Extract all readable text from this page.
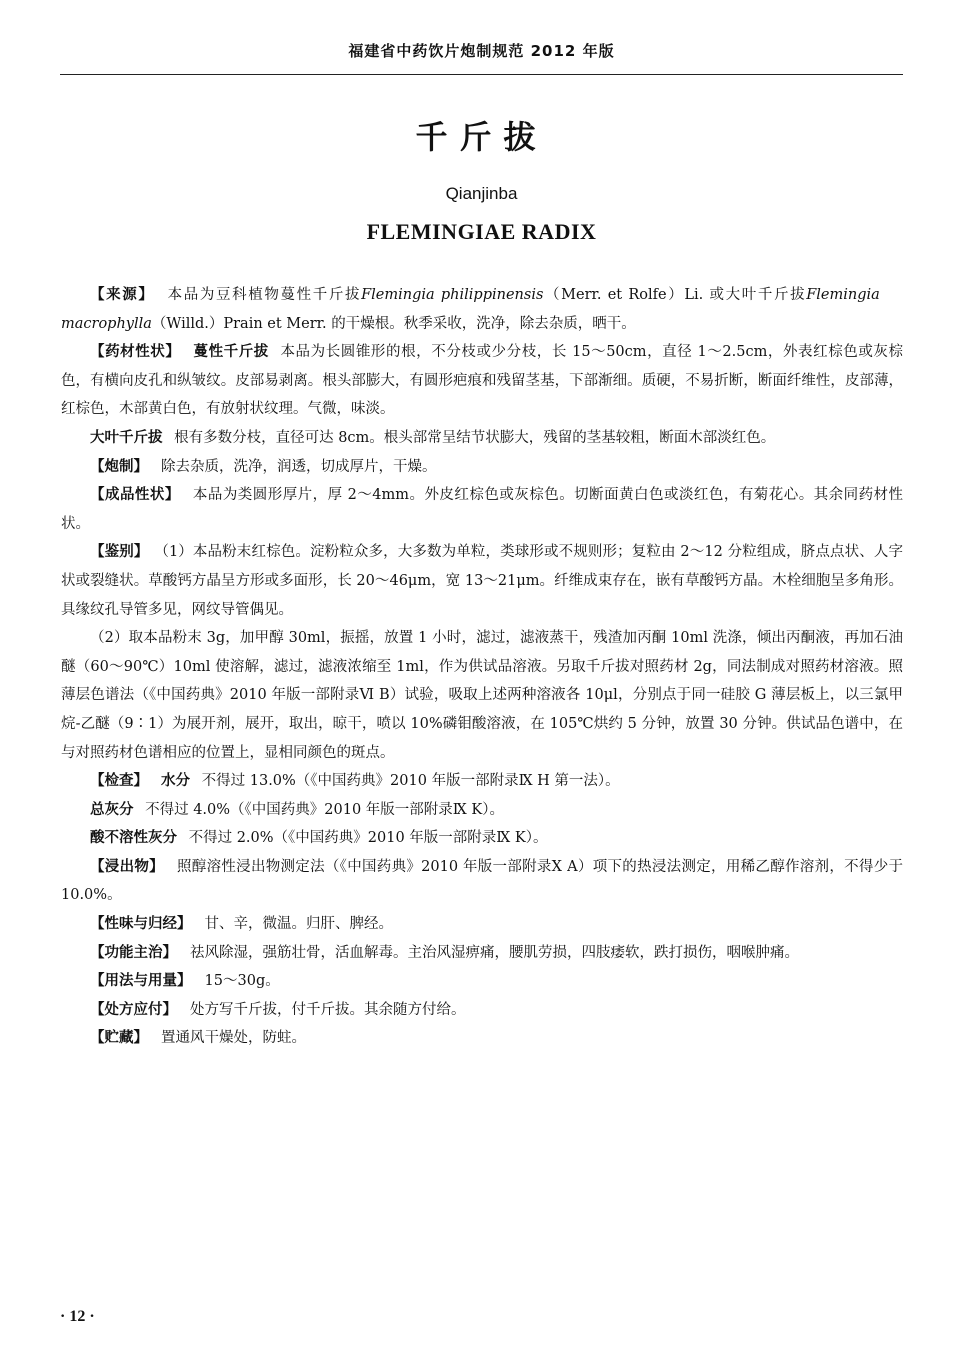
福建省中药饮片炮制规范 2012 年版
千斤拔
Qianjinba
FLEMINGIAE RADIX

【来源】 本品为豆科植物蔓性千斤拔Flemingia philippinensis（Merr. et Rolfe）Li. 或大叶千斤拔Flemingiamacrophylla（Willd.）Prain et Merr. 的干燥根。秋季采收，洗净，除去杂质，晒干。

【药材性状】 蔓性千斤拔 本品为长圆锥形的根，不分枝或少分枝，长 15～50cm，直径 1～2.5cm，外表红棕色或灰棕色，有横向皮孔和纵皱纹。皮部易剥离。根头部膨大，有圆形疤痕和残留茎基，下部渐细。质硬，不易折断，断面纤维性，皮部薄，红棕色，木部黄白色，有放射状纹理。气微，味淡。

大叶千斤拔 根有多数分枝，直径可达 8cm。根头部常呈结节状膨大，残留的茎基较粗，断面木部淡红色。

【炮制】 除去杂质，洗净，润透，切成厚片，干燥。

【成品性状】 本品为类圆形厚片，厚 2～4mm。外皮红棕色或灰棕色。切断面黄白色或淡红色，有菊花心。其余同药材性状。

【鉴别】 （1）本品粉末红棕色。淀粉粒众多，大多数为单粒，类球形或不规则形；复粒由 2～12 分粒组成，脐点点状、人字状或裂缝状。草酸钙方晶呈方形或多面形，长 20～46μm，宽 13～21μm。纤维成束存在，嵌有草酸钙方晶。木栓细胞呈多角形。具缘纹孔导管多见，网纹导管偶见。

（2）取本品粉末 3g，加甲醇 30ml，振摇，放置 1 小时，滤过，滤液蒸干，残渣加丙酮 10ml 洗涤，倾出丙酮液，再加石油醚（60～90℃）10ml 使溶解，滤过，滤液浓缩至 1ml，作为供试品溶液。另取千斤拔对照药材 2g，同法制成对照药材溶液。照薄层色谱法（《中国药典》2010 年版一部附录Ⅵ B）试验，吸取上述两种溶液各 10μl，分别点于同一硅胶 G 薄层板上，以三氯甲烷-乙醚（9∶1）为展开剂，展开，取出，晾干，喷以 10%磷钼酸溶液，在 105℃烘约 5 分钟，放置 30 分钟。供试品色谱中，在与对照药材色谱相应的位置上，显相同颜色的斑点。

【检查】 水分 不得过 13.0%（《中国药典》2010 年版一部附录Ⅸ H 第一法）。

总灰分 不得过 4.0%（《中国药典》2010 年版一部附录Ⅸ K）。

酸不溶性灰分 不得过 2.0%（《中国药典》2010 年版一部附录Ⅸ K）。

【浸出物】 照醇溶性浸出物测定法（《中国药典》2010 年版一部附录Ⅹ A）项下的热浸法测定，用稀乙醇作溶剂，不得少于 10.0%。

【性味与归经】 甘、辛，微温。归肝、脾经。

【功能主治】 祛风除湿，强筋壮骨，活血解毒。主治风湿痹痛，腰肌劳损，四肢痿软，跌打损伤，咽喉肿痛。

【用法与用量】 15～30g。

【处方应付】 处方写千斤拔，付千斤拔。其余随方付给。

【贮藏】 置通风干燥处，防蛀。

· 12 ·
